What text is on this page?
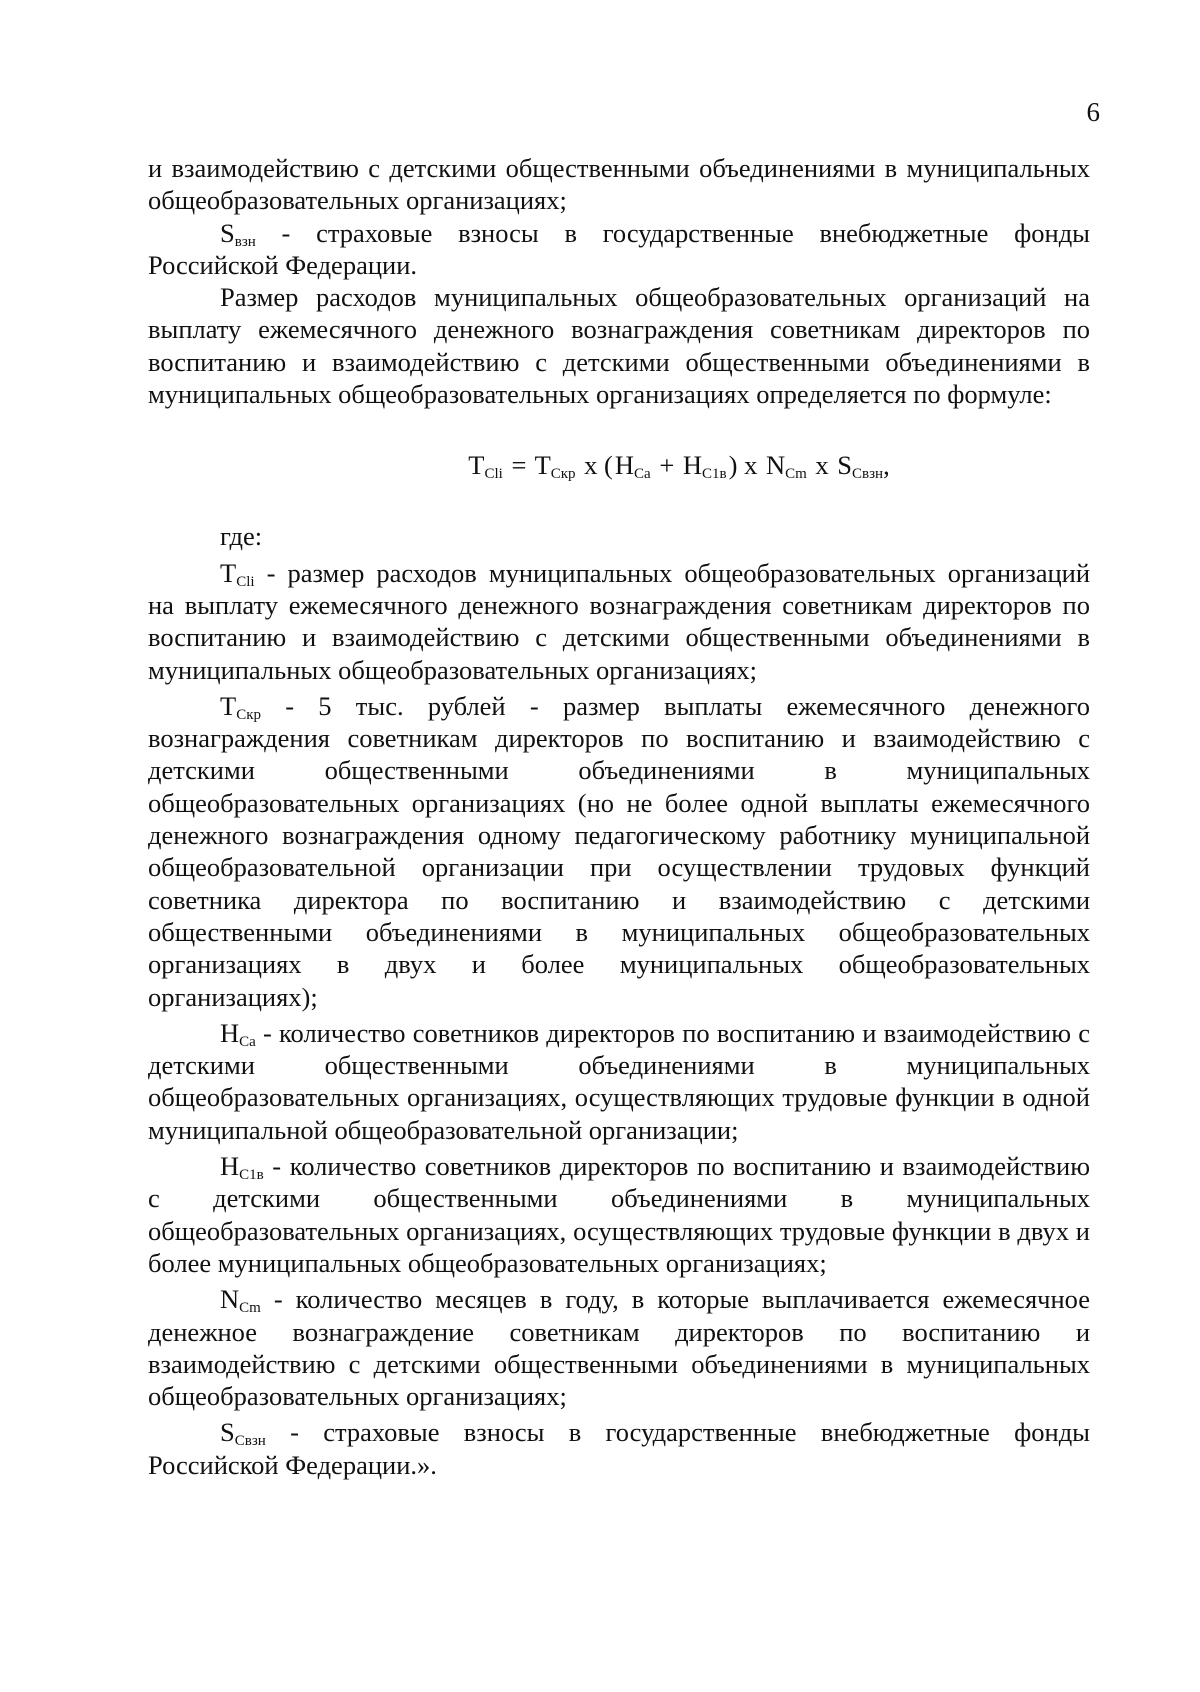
6

и взаимодействию с детскими общественными объединениями в муниципальных общеобразовательных организациях;

$S_{взн}$ - страховые взносы в государственные внебюджетные фонды Российской Федерации.

Размер расходов муниципальных общеобразовательных организаций на выплату ежемесячного денежного вознаграждения советникам директоров по воспитанию и взаимодействию с детскими общественными объединениями в муниципальных общеобразовательных организациях определяется по формуле:

$T_{Cli} = T_{Скр}$ x $(H_{Ca} + H_{C1в})$ x $N_{Cm}$ x $S_{Свзн}$,

где:

$T_{Cli}$ - размер расходов муниципальных общеобразовательных организаций на выплату ежемесячного денежного вознаграждения советникам директоров по воспитанию и взаимодействию с детскими общественными объединениями в муниципальных общеобразовательных организациях;

$T_{Скр} - 5$ тыс. рублей - размер выплаты ежемесячного денежного вознаграждения советникам директоров по воспитанию и взаимодействию с детскими общественными объединениями в муниципальных общеобразовательных организациях (но не более одной выплаты ежемесячного денежного вознаграждения одному педагогическому работнику муниципальной общеобразовательной организации при осуществлении трудовых функций советника директора по воспитанию и взаимодействию с детскими общественными объединениями в муниципальных общеобразовательных организациях в двух и более муниципальных общеобразовательных организациях);

$H_{Ca}$ - количество советников директоров по воспитанию и взаимодействию с детскими общественными объединениями в муниципальных общеобразовательных организациях, осуществляющих трудовые функции в одной муниципальной общеобразовательной организации;

$H_{C1в}$ - количество советников директоров по воспитанию и взаимодействию с детскими общественными объединениями в муниципальных общеобразовательных организациях, осуществляющих трудовые функции в двух и более муниципальных общеобразовательных организациях;

$N_{Cm}$ - количество месяцев в году, в которые выплачивается ежемесячное денежное вознаграждение советникам директоров по воспитанию и взаимодействию с детскими общественными объединениями в муниципальных общеобразовательных организациях;

$S_{Свзн}$ - страховые взносы в государственные внебюджетные фонды Российской Федерации.».
